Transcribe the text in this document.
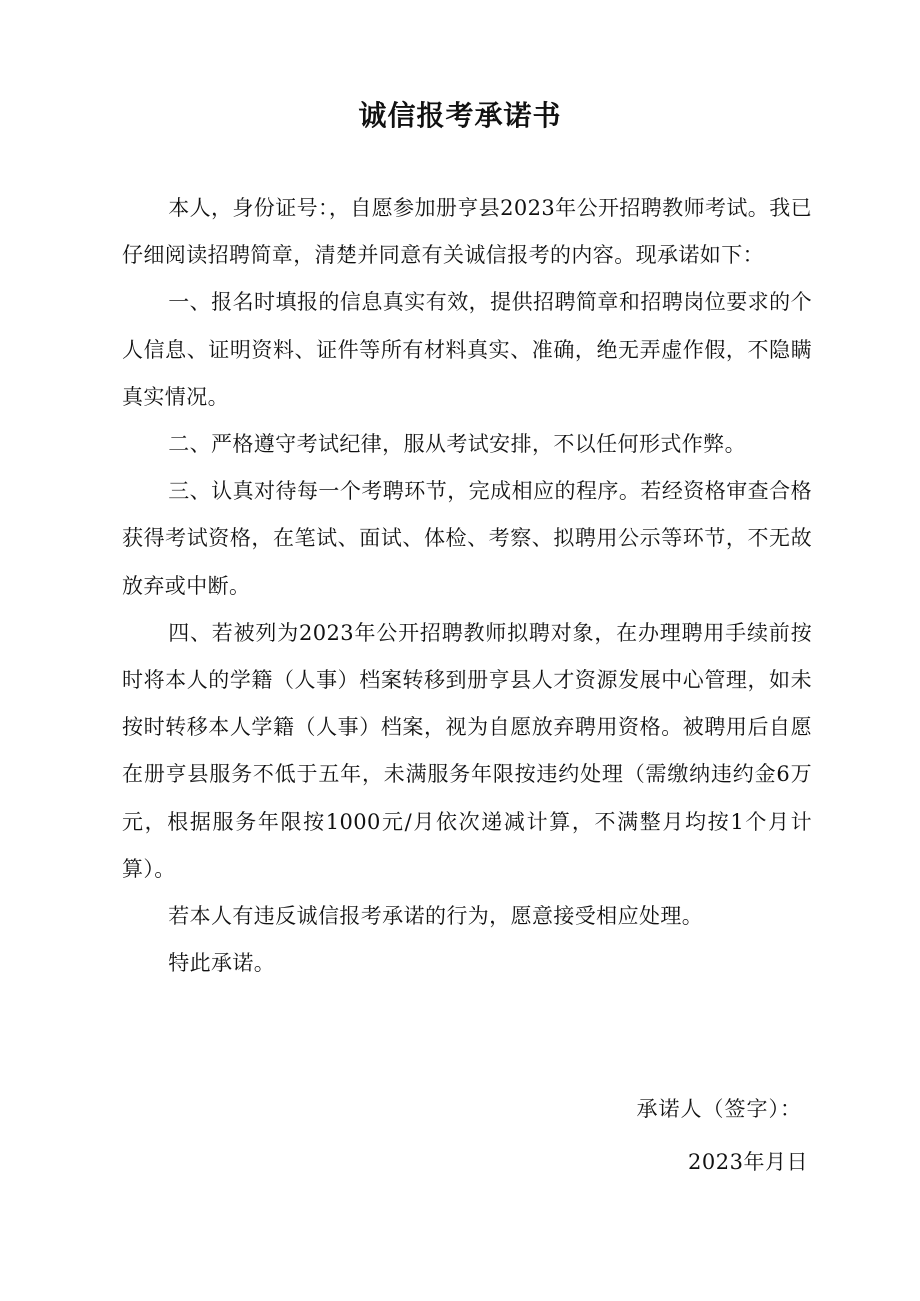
诚信报考承诺书

本人，身份证号：，自愿参加册亨县2023年公开招聘教师考试。我已仔细阅读招聘简章，清楚并同意有关诚信报考的内容。现承诺如下：

一、报名时填报的信息真实有效，提供招聘简章和招聘岗位要求的个人信息、证明资料、证件等所有材料真实、准确，绝无弄虚作假，不隐瞒真实情况。

二、严格遵守考试纪律，服从考试安排，不以任何形式作弊。

三、认真对待每一个考聘环节，完成相应的程序。若经资格审查合格获得考试资格，在笔试、面试、体检、考察、拟聘用公示等环节，不无故放弃或中断。

四、若被列为2023年公开招聘教师拟聘对象，在办理聘用手续前按时将本人的学籍（人事）档案转移到册亨县人才资源发展中心管理，如未按时转移本人学籍（人事）档案，视为自愿放弃聘用资格。被聘用后自愿在册亨县服务不低于五年，未满服务年限按违约处理（需缴纳违约金6万元，根据服务年限按1000元/月依次递减计算，不满整月均按1个月计算）。

若本人有违反诚信报考承诺的行为，愿意接受相应处理。

特此承诺。

承诺人（签字）：
2023年月日
